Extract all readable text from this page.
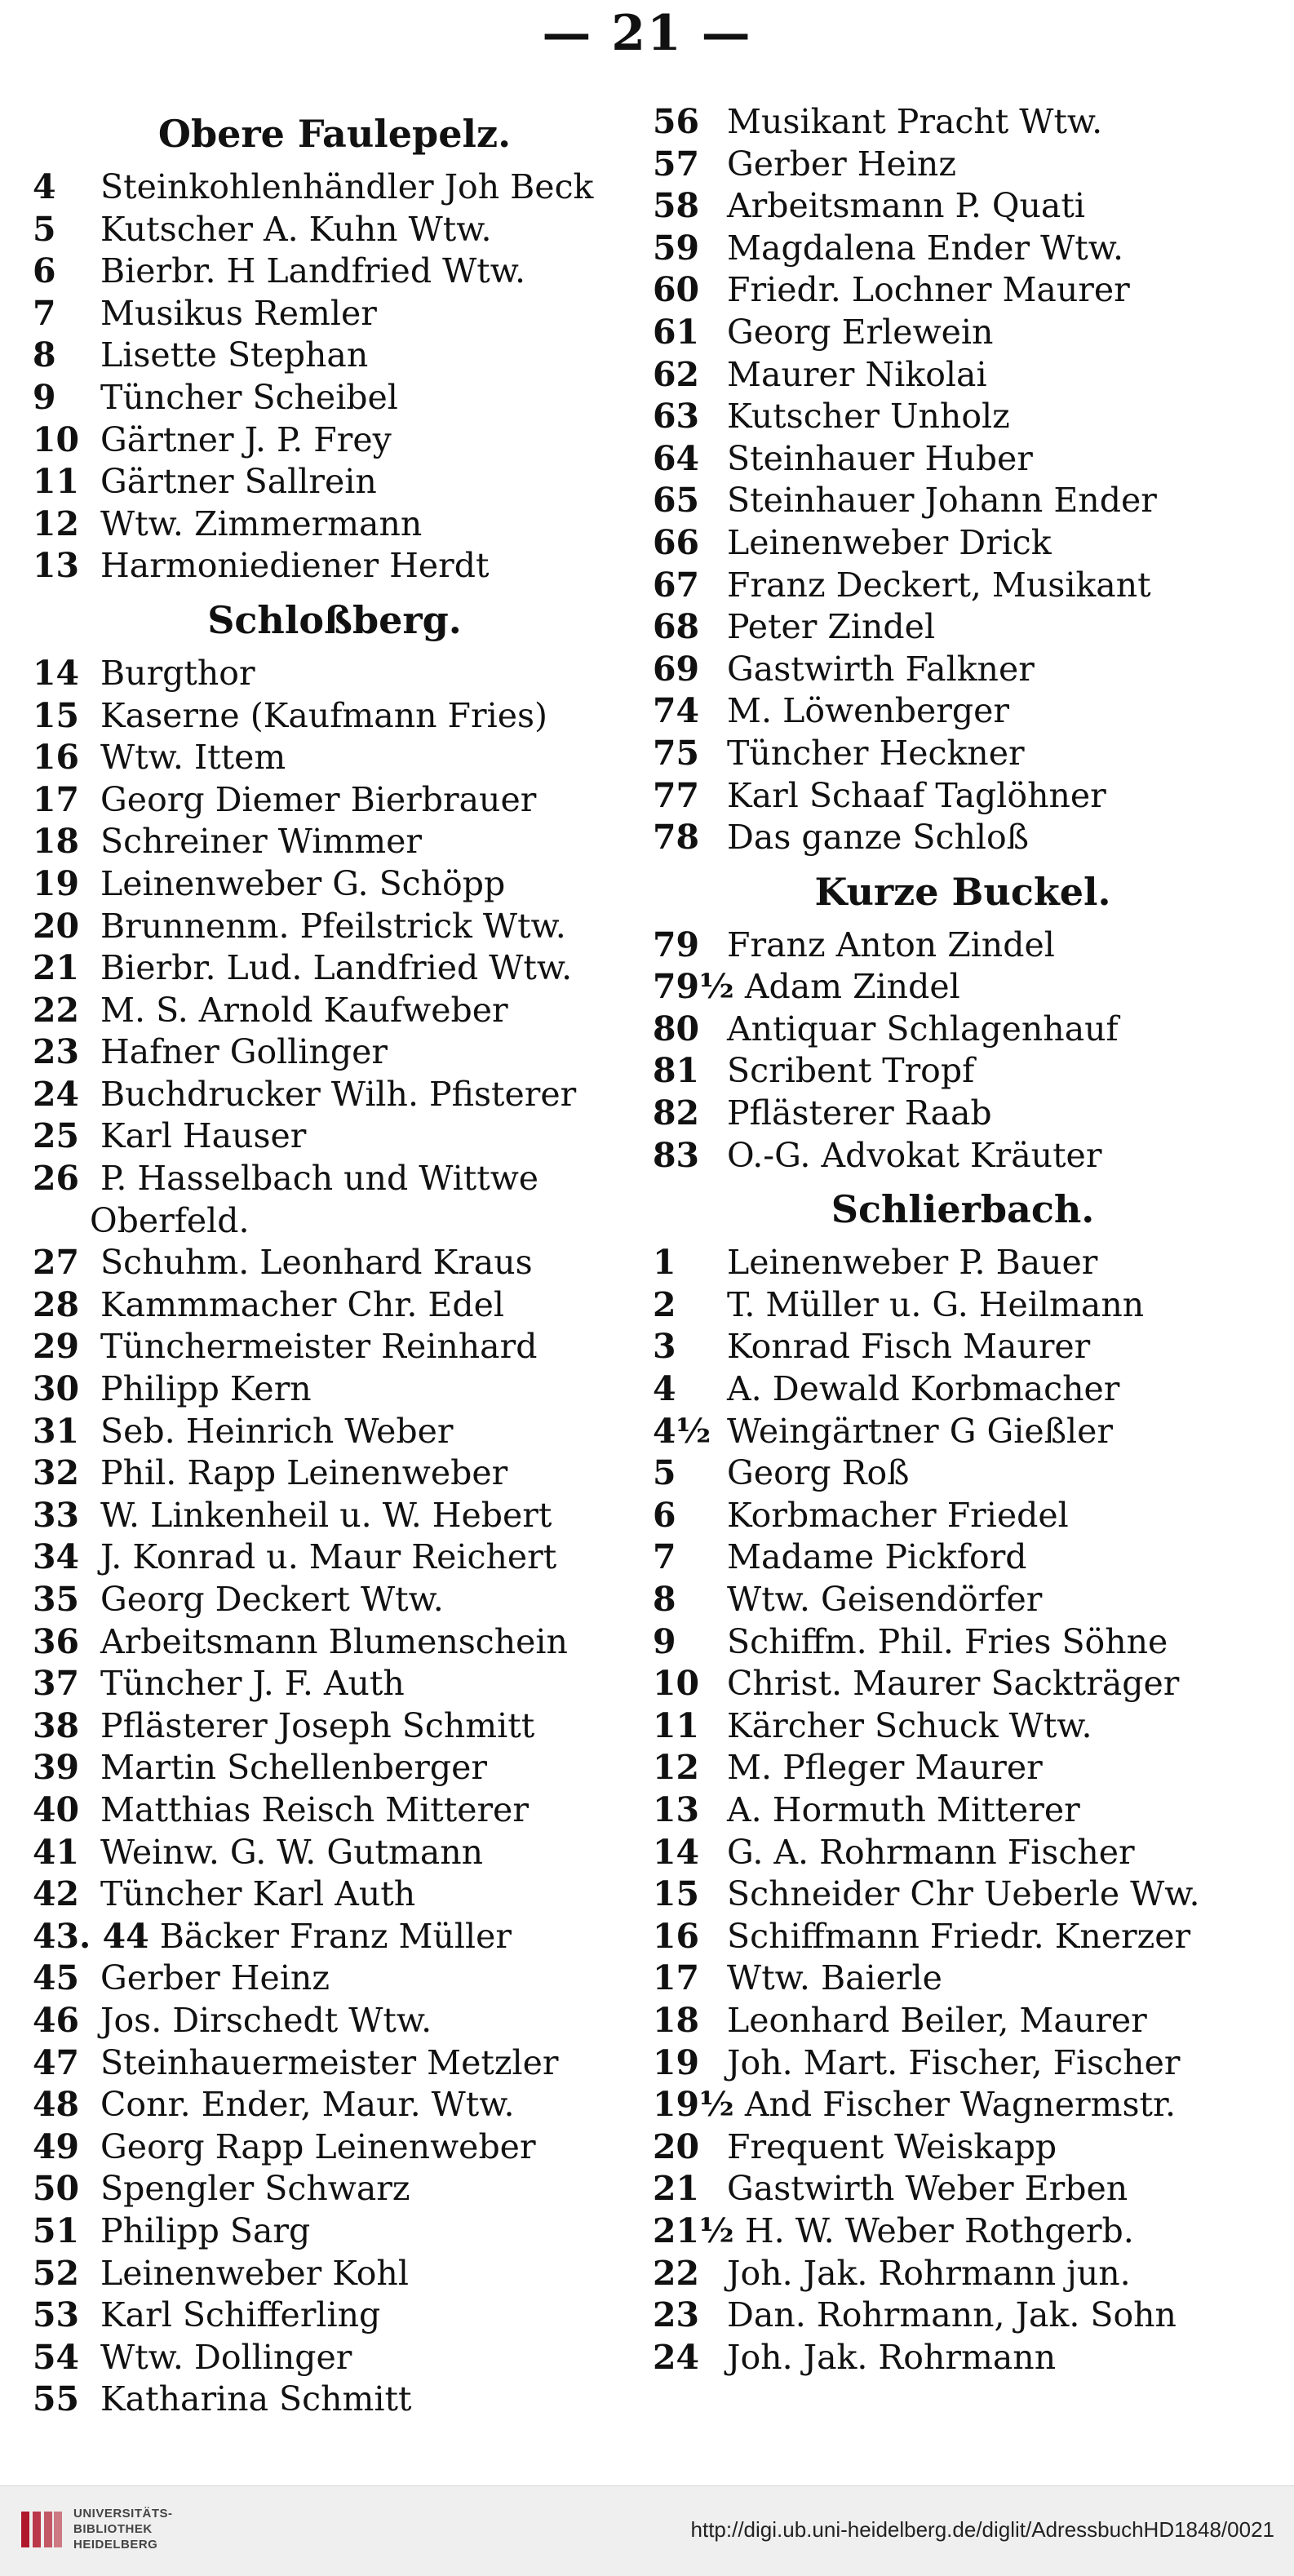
— 21 —
Obere Faulepelz.
4 Steinkohlenhändler Joh Beck
5 Kutscher A. Kuhn Wtw.
6 Bierbr. H Landfried Wtw.
7 Musikus Remler
8 Lisette Stephan
9 Tüncher Scheibel
10 Gärtner J. P. Frey
11 Gärtner Sallrein
12 Wtw. Zimmermann
13 Harmoniediener Herdt
Schloßberg.
14 Burgthor
15 Kaserne (Kaufmann Fries)
16 Wtw. Ittem
17 Georg Diemer Bierbrauer
18 Schreiner Wimmer
19 Leinenweber G. Schöpp
20 Brunnenm. Pfeilstrick Wtw.
21 Bierbr. Lud. Landfried Wtw.
22 M. S. Arnold Kaufweber
23 Hafner Gollinger
24 Buchdrucker Wilh. Pfisterer
25 Karl Hauser
26 P. Hasselbach und Wittwe
Oberfeld.
27 Schuhm. Leonhard Kraus
28 Kammmacher Chr. Edel
29 Tünchermeister Reinhard
30 Philipp Kern
31 Seb. Heinrich Weber
32 Phil. Rapp Leinenweber
33 W. Linkenheil u. W. Hebert
34 J. Konrad u. Maur Reichert
35 Georg Deckert Wtw.
36 Arbeitsmann Blumenschein
37 Tüncher J. F. Auth
38 Pflästerer Joseph Schmitt
39 Martin Schellenberger
40 Matthias Reisch Mitterer
41 Weinw. G. W. Gutmann
42 Tüncher Karl Auth
43. 44 Bäcker Franz Müller
45 Gerber Heinz
46 Jos. Dirschedt Wtw.
47 Steinhauermeister Metzler
48 Conr. Ender, Maur. Wtw.
49 Georg Rapp Leinenweber
50 Spengler Schwarz
51 Philipp Sarg
52 Leinenweber Kohl
53 Karl Schifferling
54 Wtw. Dollinger
55 Katharina Schmitt
56 Musikant Pracht Wtw.
57 Gerber Heinz
58 Arbeitsmann P. Quati
59 Magdalena Ender Wtw.
60 Friedr. Lochner Maurer
61 Georg Erlewein
62 Maurer Nikolai
63 Kutscher Unholz
64 Steinhauer Huber
65 Steinhauer Johann Ender
66 Leinenweber Drick
67 Franz Deckert, Musikant
68 Peter Zindel
69 Gastwirth Falkner
74 M. Löwenberger
75 Tüncher Heckner
77 Karl Schaaf Taglöhner
78 Das ganze Schloß
Kurze Buckel.
79 Franz Anton Zindel
79½ Adam Zindel
80 Antiquar Schlagenhauf
81 Scribent Tropf
82 Pflästerer Raab
83 O.-G. Advokat Kräuter
Schlierbach.
1 Leinenweber P. Bauer
2 T. Müller u. G. Heilmann
3 Konrad Fisch Maurer
4 A. Dewald Korbmacher
4½ Weingärtner G Gießler
5 Georg Roß
6 Korbmacher Friedel
7 Madame Pickford
8 Wtw. Geisendörfer
9 Schiffm. Phil. Fries Söhne
10 Christ. Maurer Sackträger
11 Kärcher Schuck Wtw.
12 M. Pfleger Maurer
13 A. Hormuth Mitterer
14 G. A. Rohrmann Fischer
15 Schneider Chr Ueberle Ww.
16 Schiffmann Friedr. Knerzer
17 Wtw. Baierle
18 Leonhard Beiler, Maurer
19 Joh. Mart. Fischer, Fischer
19½ And Fischer Wagnermstr.
20 Frequent Weiskapp
21 Gastwirth Weber Erben
21½ H. W. Weber Rothgerb.
22 Joh. Jak. Rohrmann jun.
23 Dan. Rohrmann, Jak. Sohn
24 Joh. Jak. Rohrmann
UNIVERSITÄTS-
BIBLIOTHEK
HEIDELBERG
http://digi.ub.uni-heidelberg.de/diglit/AdressbuchHD1848/0021
